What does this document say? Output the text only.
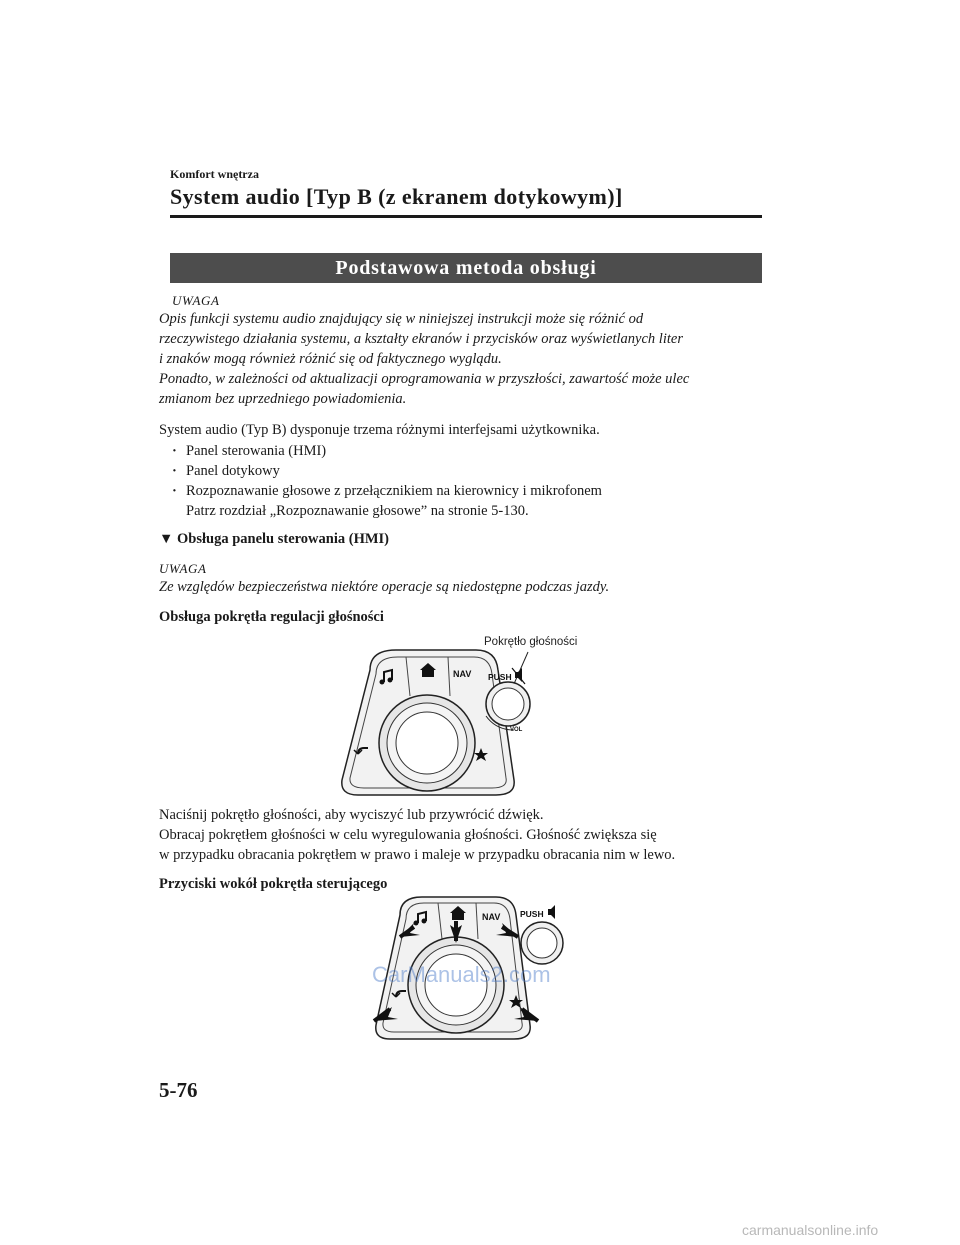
Komfort wnętrza
System audio [Typ B (z ekranem dotykowym)]
Podstawowa metoda obsługi
UWAGA
Opis funkcji systemu audio znajdujący się w niniejszej instrukcji może się różnić od
rzeczywistego działania systemu, a kształty ekranów i przycisków oraz wyświetlanych liter
i znaków mogą również różnić się od faktycznego wyglądu.
Ponadto, w zależności od aktualizacji oprogramowania w przyszłości, zawartość może ulec
zmianom bez uprzedniego powiadomienia.
System audio (Typ B) dysponuje trzema różnymi interfejsami użytkownika.
· Panel sterowania (HMI)
· Panel dotykowy
· Rozpoznawanie głosowe z przełącznikiem na kierownicy i mikrofonem
Patrz rozdział „Rozpoznawanie głosowe” na stronie 5-130.
▼ Obsługa panelu sterowania (HMI)
UWAGA
Ze względów bezpieczeństwa niektóre operacje są niedostępne podczas jazdy.
Obsługa pokrętła regulacji głośności
Pokrętło głośności
NAV PUSH
VOL
Naciśnij pokrętło głośności, aby wyciszyć lub przywrócić dźwięk.
Obracaj pokrętłem głośności w celu wyregulowania głośności. Głośność zwiększa się
w przypadku obracania pokrętłem w prawo i maleje w przypadku obracania nim w lewo.
Przyciski wokół pokrętła sterującego
NAV PUSH
CarManuals2.com
carmanualsonline.info
5-76
